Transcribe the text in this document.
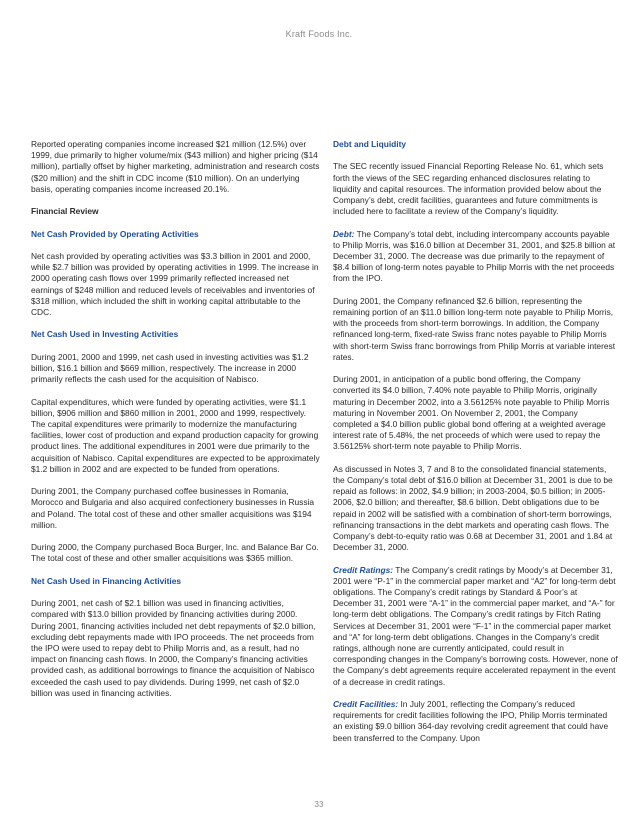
Kraft Foods Inc.

Reported operating companies income increased $21 million (12.5%) over 1999, due primarily to higher volume/mix ($43 million) and higher pricing ($14 million), partially offset by higher marketing, administration and research costs ($20 million) and the shift in CDC income ($10 million). On an underlying basis, operating companies income increased 20.1%.

Financial Review
Net Cash Provided by Operating Activities

Net cash provided by operating activities was $3.3 billion in 2001 and 2000, while $2.7 billion was provided by operating activities in 1999. The increase in 2000 operating cash flows over 1999 primarily reflected increased net earnings of $248 million and reduced levels of receivables and inventories of $318 million, which included the shift in working capital attributable to the CDC.

Net Cash Used in Investing Activities

During 2001, 2000 and 1999, net cash used in investing activities was $1.2 billion, $16.1 billion and $669 million, respectively. The increase in 2000 primarily reflects the cash used for the acquisition of Nabisco.

Capital expenditures, which were funded by operating activities, were $1.1 billion, $906 million and $860 million in 2001, 2000 and 1999, respectively. The capital expenditures were primarily to modernize the manufacturing facilities, lower cost of production and expand production capacity for growing product lines. The additional expenditures in 2001 were due primarily to the acquisition of Nabisco. Capital expenditures are expected to be approximately $1.2 billion in 2002 and are expected to be funded from operations.

During 2001, the Company purchased coffee businesses in Romania, Morocco and Bulgaria and also acquired confectionery businesses in Russia and Poland. The total cost of these and other smaller acquisitions was $194 million.

During 2000, the Company purchased Boca Burger, Inc. and Balance Bar Co. The total cost of these and other smaller acquisitions was $365 million.

Net Cash Used in Financing Activities

During 2001, net cash of $2.1 billion was used in financing activities, compared with $13.0 billion provided by financing activities during 2000. During 2001, financing activities included net debt repayments of $2.0 billion, excluding debt repayments made with IPO proceeds. The net proceeds from the IPO were used to repay debt to Philip Morris and, as a result, had no impact on financing cash flows. In 2000, the Company’s financing activities provided cash, as additional borrowings to finance the acquisition of Nabisco exceeded the cash used to pay dividends. During 1999, net cash of $2.0 billion was used in financing activities.

Debt and Liquidity

The SEC recently issued Financial Reporting Release No. 61, which sets forth the views of the SEC regarding enhanced disclosures relating to liquidity and capital resources. The information provided below about the Company’s debt, credit facilities, guarantees and future commitments is included here to facilitate a review of the Company’s liquidity.

Debt: The Company’s total debt, including intercompany accounts payable to Philip Morris, was $16.0 billion at December 31, 2001, and $25.8 billion at December 31, 2000. The decrease was due primarily to the repayment of $8.4 billion of long-term notes payable to Philip Morris with the net proceeds from the IPO.

During 2001, the Company refinanced $2.6 billion, representing the remaining portion of an $11.0 billion long-term note payable to Philip Morris, with the proceeds from short-term borrowings. In addition, the Company refinanced long-term, fixed-rate Swiss franc notes payable to Philip Morris with short-term Swiss franc borrowings from Philip Morris at variable interest rates.

During 2001, in anticipation of a public bond offering, the Company converted its $4.0 billion, 7.40% note payable to Philip Morris, originally maturing in December 2002, into a 3.56125% note payable to Philip Morris maturing in November 2001. On November 2, 2001, the Company completed a $4.0 billion public global bond offering at a weighted average interest rate of 5.48%, the net proceeds of which were used to repay the 3.56125% short-term note payable to Philip Morris.

As discussed in Notes 3, 7 and 8 to the consolidated financial statements, the Company’s total debt of $16.0 billion at December 31, 2001 is due to be repaid as follows: in 2002, $4.9 billion; in 2003-2004, $0.5 billion; in 2005-2006, $2.0 billion; and thereafter, $8.6 billion. Debt obligations due to be repaid in 2002 will be satisfied with a combination of short-term borrowings, refinancing transactions in the debt markets and operating cash flows. The Company’s debt-to-equity ratio was 0.68 at December 31, 2001 and 1.84 at December 31, 2000.

Credit Ratings: The Company’s credit ratings by Moody’s at December 31, 2001 were “P-1” in the commercial paper market and “A2” for long-term debt obligations. The Company’s credit ratings by Standard & Poor’s at December 31, 2001 were “A-1” in the commercial paper market, and “A-” for long-term debt obligations. The Company’s credit ratings by Fitch Rating Services at December 31, 2001 were “F-1” in the commercial paper market and “A” for long-term debt obligations. Changes in the Company’s credit ratings, although none are currently anticipated, could result in corresponding changes in the Company’s borrowing costs. However, none of the Company’s debt agreements require accelerated repayment in the event of a decrease in credit ratings.

Credit Facilities: In July 2001, reflecting the Company’s reduced requirements for credit facilities following the IPO, Philip Morris terminated an existing $9.0 billion 364-day revolving credit agreement that could have been transferred to the Company. Upon

33
